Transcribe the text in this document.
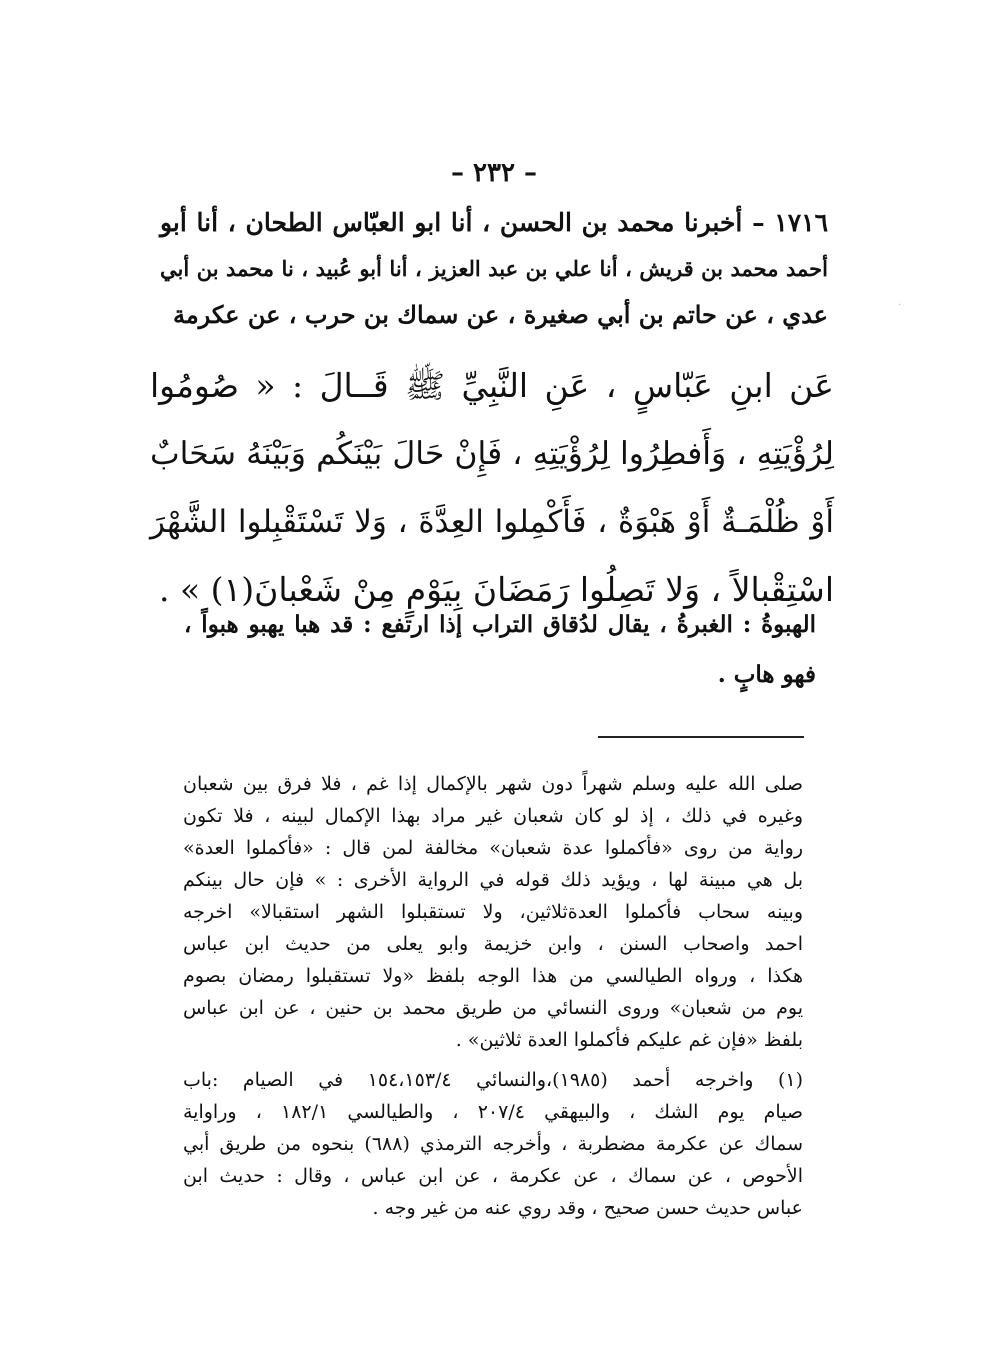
– ٢٣٢ –
١٧١٦ – أخبرنا محمد بن الحسن ، أنا ابو العبّاس الطحان ، أنا أبو
أحمد محمد بن قريش ، أنا علي بن عبد العزيز ، أنا أبو عُبيد ، نا محمد بن أبي
عدي ، عن حاتم بن أبي صغيرة ، عن سماك بن حرب ، عن عكرمة
عَن ابنِ عَبّاسٍ ، عَنِ النَّبِيِّ ﷺ قَــالَ : « صُومُوا
لِرُؤْيَتِهِ ، وَأَفطِرُوا لِرُؤْيَتِهِ ، فَإِنْ حَالَ بَيْنَكُم وَبَيْنَهُ سَحَابٌ
أَوْ ظُلْمَـةٌ أَوْ هَبْوَةٌ ، فَأَكْمِلوا العِدَّةَ ، وَلا تَسْتَقْبِلوا الشَّهْرَ
اسْتِقْبالاً ، وَلا تَصِلُوا رَمَضَانَ بِيَوْمٍ مِنْ شَعْبانَ(١) » .
الهبوةُ : الغبرةُ ، يقال لدُقاق التراب إذا ارتفع : قد هبا يهبو هبواً ،
فهو هابٍ .
صلى الله عليه وسلم شهراً دون شهر بالإكمال إذا غم ، فلا فرق بين شعبان
وغيره في ذلك ، إذ لو كان شعبان غير مراد بهذا الإكمال لبينه ، فلا تكون
رواية من روى «فأكملوا عدة شعبان» مخالفة لمن قال : «فأكملوا العدة»
بل هي مبينة لها ، ويؤيد ذلك قوله في الرواية الأخرى : » فإن حال بينكم
وبينه سحاب فأكملوا العدةثلاثين، ولا تستقبلوا الشهر استقبالا» اخرجه
احمد واصحاب السنن ، وابن خزيمة وابو يعلى من حديث ابن عباس
هكذا ، ورواه الطيالسي من هذا الوجه بلفظ «ولا تستقبلوا رمضان بصوم
يوم من شعبان» وروى النسائي من طريق محمد بن حنين ، عن ابن عباس
بلفظ «فإن غم عليكم فأكملوا العدة ثلاثين» .
(١) واخرجه أحمد (١٩٨٥)،والنسائي ١٥٤،١٥٣/٤ في الصيام :باب
صيام يوم الشك ، والبيهقي ٢٠٧/٤ ، والطيالسي ١٨٢/١ ، وراواية
سماك عن عكرمة مضطربة ، وأخرجه الترمذي (٦٨٨) بنحوه من طريق أبي
الأحوص ، عن سماك ، عن عكرمة ، عن ابن عباس ، وقال : حديث ابن
عباس حديث حسن صحيح ، وقد روي عنه من غير وجه .
·
